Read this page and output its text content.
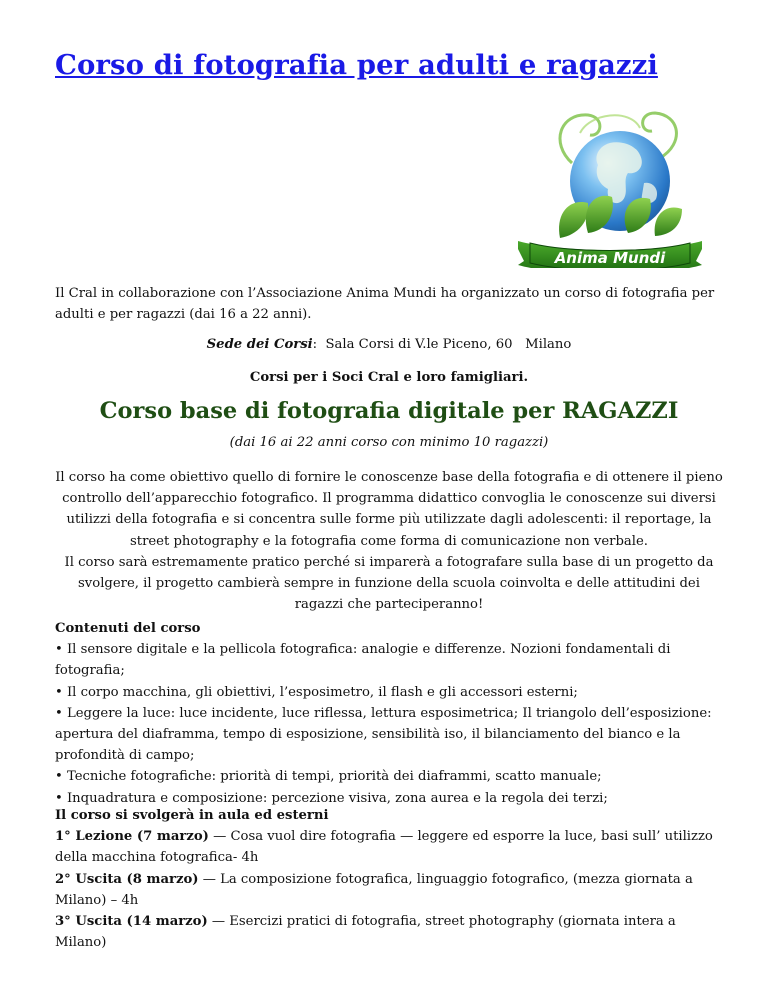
Corso di fotografia per adulti e ragazzi
Anima Mundi

Il Cral in collaborazione con l’Associazione Anima Mundi ha organizzato un corso di fotografia per adulti e per ragazzi (dai 16 a 22 anni).

Sede dei Corsi:  Sala Corsi di V.le Piceno, 60   Milano

Corsi per i Soci Cral e loro famigliari.

Corso base di fotografia digitale per RAGAZZI

(dai 16 ai 22 anni corso con minimo 10 ragazzi)

Il corso ha come obiettivo quello di fornire le conoscenze base della fotografia e di ottenere il pieno controllo dell’apparecchio fotografico. Il programma didattico convoglia le conoscenze sui diversi utilizzi della fotografia e si concentra sulle forme più utilizzate dagli adolescenti: il reportage, la street photography e la fotografia come forma di comunicazione non verbale.

Il corso sarà estremamente pratico perché si imparerà a fotografare sulla base di un progetto da svolgere, il progetto cambierà sempre in funzione della scuola coinvolta e delle attitudini dei ragazzi che parteciperanno!

Contenuti del corso

• Il sensore digitale e la pellicola fotografica: analogie e differenze. Nozioni fondamentali di fotografia;

• Il corpo macchina, gli obiettivi, l’esposimetro, il flash e gli accessori esterni;

• Leggere la luce: luce incidente, luce riflessa, lettura esposimetrica; Il triangolo dell’esposizione: apertura del diaframma, tempo di esposizione, sensibilità iso, il bilanciamento del bianco e la profondità di campo;

• Tecniche fotografiche: priorità di tempi, priorità dei diaframmi, scatto manuale;

• Inquadratura e composizione: percezione visiva, zona aurea e la regola dei terzi;

Il corso si svolgerà in aula ed esterni

1° Lezione (7 marzo) — Cosa vuol dire fotografia — leggere ed esporre la luce, basi sull’ utilizzo della macchina fotografica- 4h

2° Uscita (8 marzo) — La composizione fotografica, linguaggio fotografico, (mezza giornata a Milano) – 4h

3° Uscita (14 marzo) — Esercizi pratici di fotografia, street photography (giornata intera a Milano)
